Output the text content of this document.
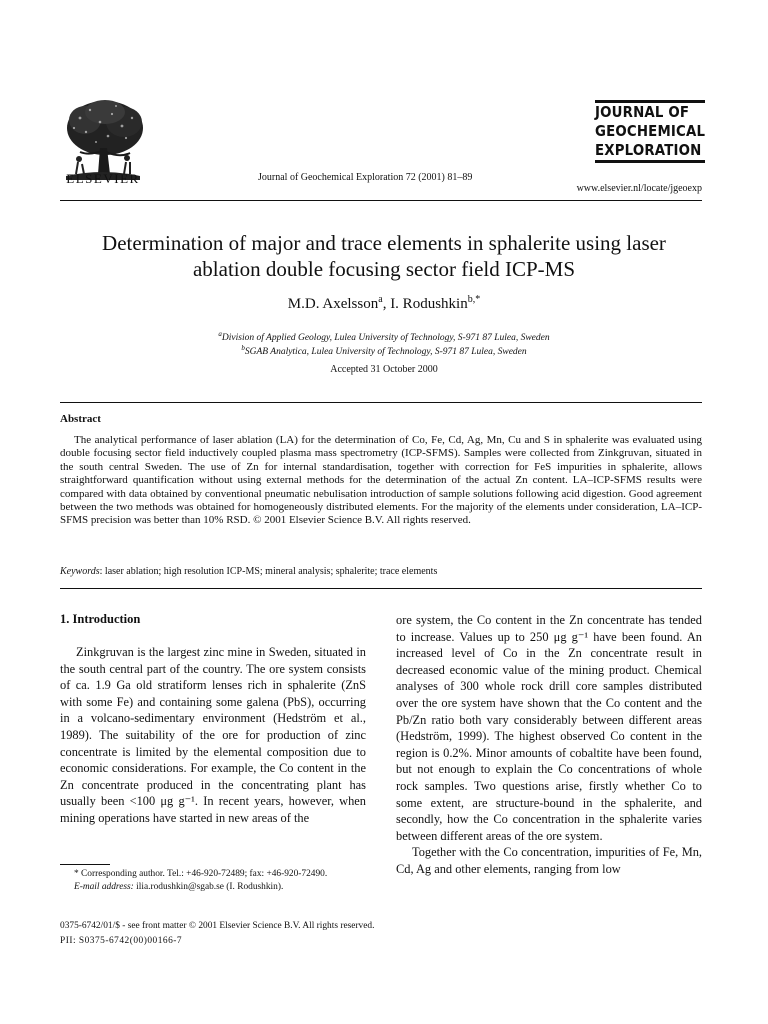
ELSEVIER	Journal of Geochemical Exploration 72 (2001) 81–89
JOURNAL OF
GEOCHEMICAL
EXPLORATION
www.elsevier.nl/locate/jgeoexp
Determination of major and trace elements in sphalerite using laser
ablation double focusing sector field ICP-MS
M.D. Axelsson$^a$, I. Rodushkin$^{b,*}$
$^a$Division of Applied Geology, Lulea University of Technology, S-971 87 Lulea, Sweden
$^b$SGAB Analytica, Lulea University of Technology, S-971 87 Lulea, Sweden
Accepted 31 October 2000
Abstract
The analytical performance of laser ablation (LA) for the determination of Co, Fe, Cd, Ag, Mn, Cu and S in sphalerite was evaluated using double focusing sector field inductively coupled plasma mass spectrometry (ICP-SFMS). Samples were collected from Zinkgruvan, situated in the south central Sweden. The use of Zn for internal standardisation, together with correction for FeS impurities in sphalerite, allows straightforward quantification without using external methods for the determination of the actual Zn content. LA–ICP-SFMS results were compared with data obtained by conventional pneumatic nebulisation introduction of sample solutions following acid digestion. Good agreement between the two methods was obtained for homogeneously distributed elements. For the majority of the elements under consideration, LA–ICP-SFMS precision was better than 10% RSD. © 2001 Elsevier Science B.V. All rights reserved.
Keywords: laser ablation; high resolution ICP-MS; mineral analysis; sphalerite; trace elements

1. Introduction

Zinkgruvan is the largest zinc mine in Sweden, situated in the south central part of the country. The ore system consists of ca. 1.9 Ga old stratiform lenses rich in sphalerite (ZnS with some Fe) and containing some galena (PbS), occurring in a volcano-sedimentary environment (Hedström et al., 1989). The suitability of the ore for production of zinc concentrate is limited by the elemental composition due to economic considerations. For example, the Co content in the Zn concentrate produced in the concentrating plant has usually been <100 μg g⁻¹. In recent years, however, when mining operations have started in new areas of the

ore system, the Co content in the Zn concentrate has tended to increase. Values up to 250 μg g⁻¹ have been found. An increased level of Co in the Zn concentrate result in decreased economic value of the mining product. Chemical analyses of 300 whole rock drill core samples distributed over the ore system have shown that the Co content and the Pb/Zn ratio both vary considerably between different areas (Hedström, 1999). The highest observed Co content in the region is 0.2%. Minor amounts of cobaltite have been found, but not enough to explain the Co concentrations of whole rock samples. Two questions arise, firstly whether Co to some extent, are structure-bound in the sphalerite, and secondly, how the Co concentration in the sphalerite varies between different areas of the ore system.

Together with the Co concentration, impurities of Fe, Mn, Cd, Ag and other elements, ranging from low

* Corresponding author. Tel.: +46-920-72489; fax: +46-920-72490.

E-mail address: ilia.rodushkin@sgab.se (I. Rodushkin).

0375-6742/01/$ - see front matter © 2001 Elsevier Science B.V. All rights reserved.
PII: S0375-6742(00)00166-7
